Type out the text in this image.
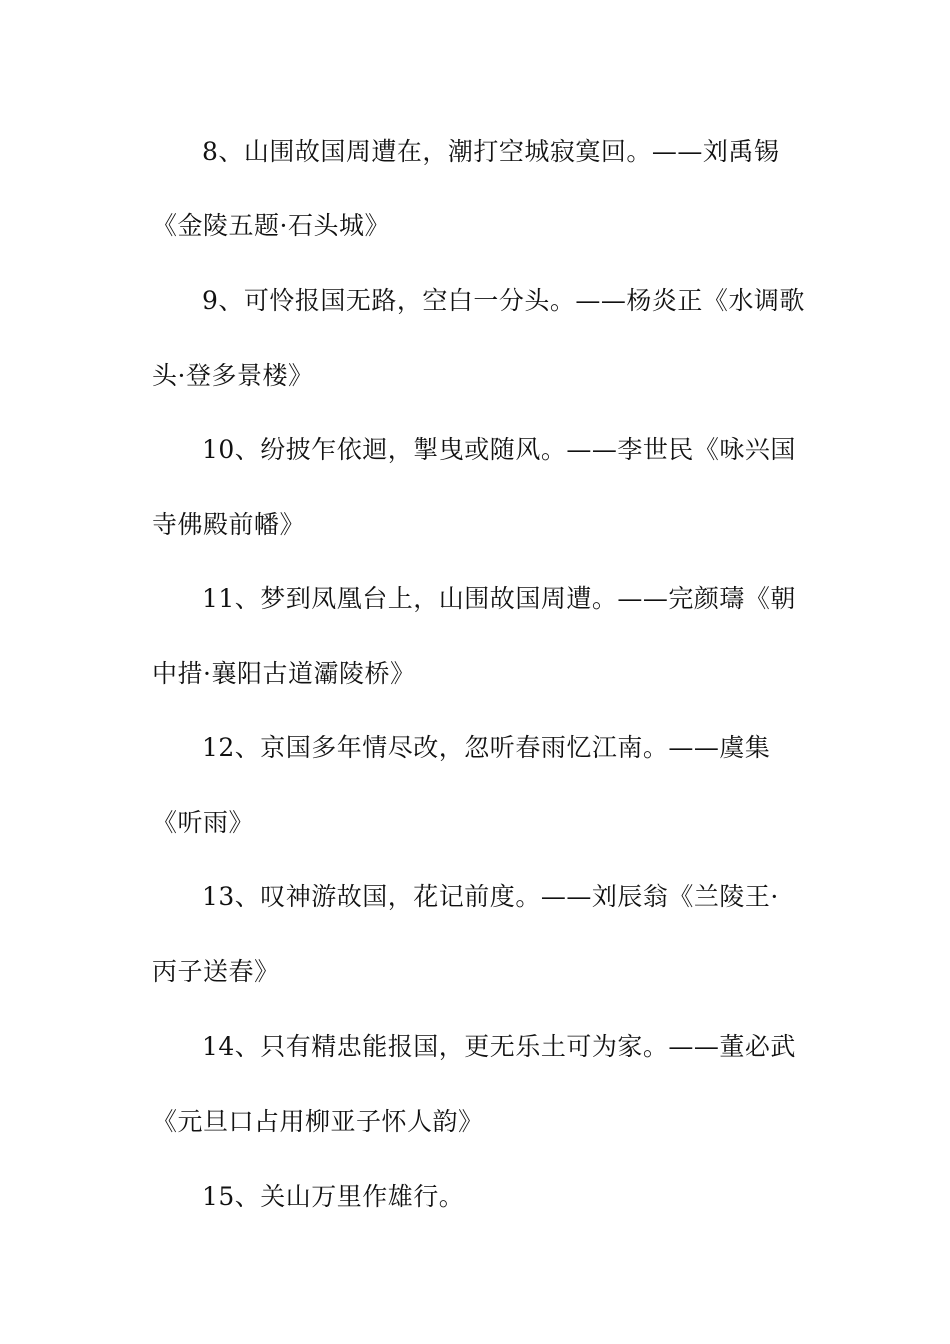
8、山围故国周遭在，潮打空城寂寞回。——刘禹锡
《金陵五题·石头城》
9、可怜报国无路，空白一分头。——杨炎正《水调歌
头·登多景楼》
10、纷披乍依迴，掣曳或随风。——李世民《咏兴国
寺佛殿前幡》
11、梦到凤凰台上，山围故国周遭。——完颜璹《朝
中措·襄阳古道灞陵桥》
12、京国多年情尽改，忽听春雨忆江南。——虞集
《听雨》
13、叹神游故国，花记前度。——刘辰翁《兰陵王·
丙子送春》
14、只有精忠能报国，更无乐土可为家。——董必武
《元旦口占用柳亚子怀人韵》
15、关山万里作雄行。
